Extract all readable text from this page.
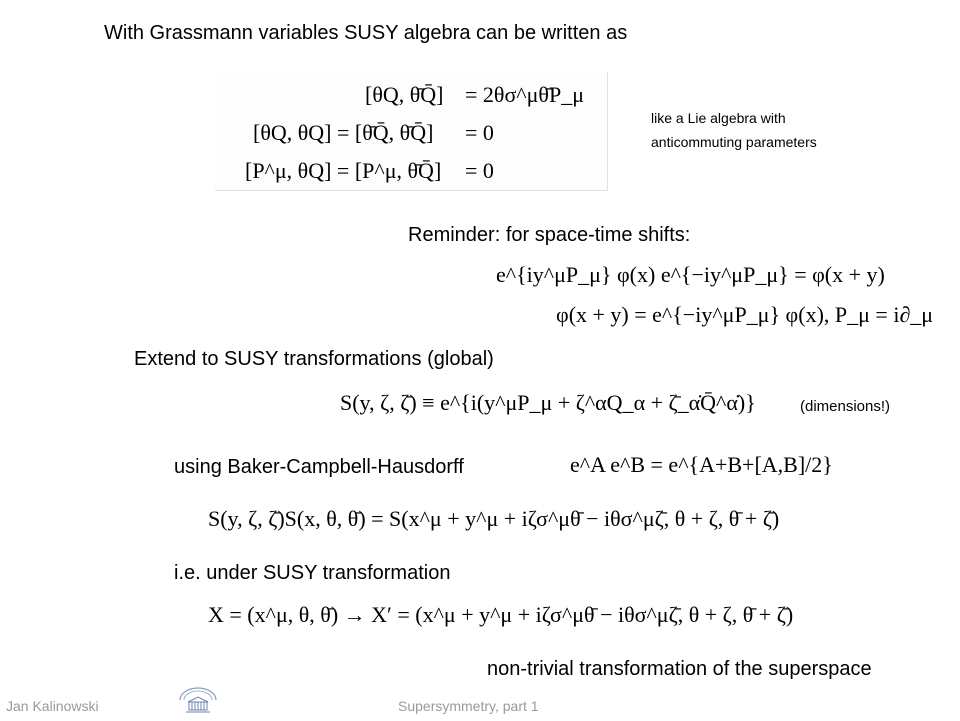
With Grassmann variables SUSY algebra can be written as
[θQ, θ̄Q̄] = 2θσ^μθ̄P_μ
[θQ, θQ] = [θ̄Q̄, θ̄Q̄] = 0
[P^μ, θQ] = [P^μ, θ̄Q̄] = 0
like a Lie algebra with
anticommuting parameters
Reminder: for space-time shifts:
e^{iy^μP_μ} φ(x) e^{−iy^μP_μ} = φ(x + y)
φ(x + y) = e^{−iy^μP_μ} φ(x), P_μ = i∂_μ
Extend to SUSY transformations (global)
S(y, ζ, ζ̄) ≡ e^{i(y^μP_μ + ζ^αQ_α + ζ̄_α̇Q̄^α̇)}	(dimensions!)
using Baker-Campbell-Hausdorff	e^A e^B = e^{A+B+[A,B]/2}
S(y, ζ, ζ̄)S(x, θ, θ̄) = S(x^μ + y^μ + iζσ^μθ̄ − iθσ^μζ̄, θ + ζ, θ̄ + ζ̄)
i.e. under SUSY transformation
X = (x^μ, θ, θ̄) → X′ = (x^μ + y^μ + iζσ^μθ̄ − iθσ^μζ̄, θ + ζ, θ̄ + ζ̄)
non-trivial transformation of the superspace
Jan Kalinowski	Supersymmetry, part 1
